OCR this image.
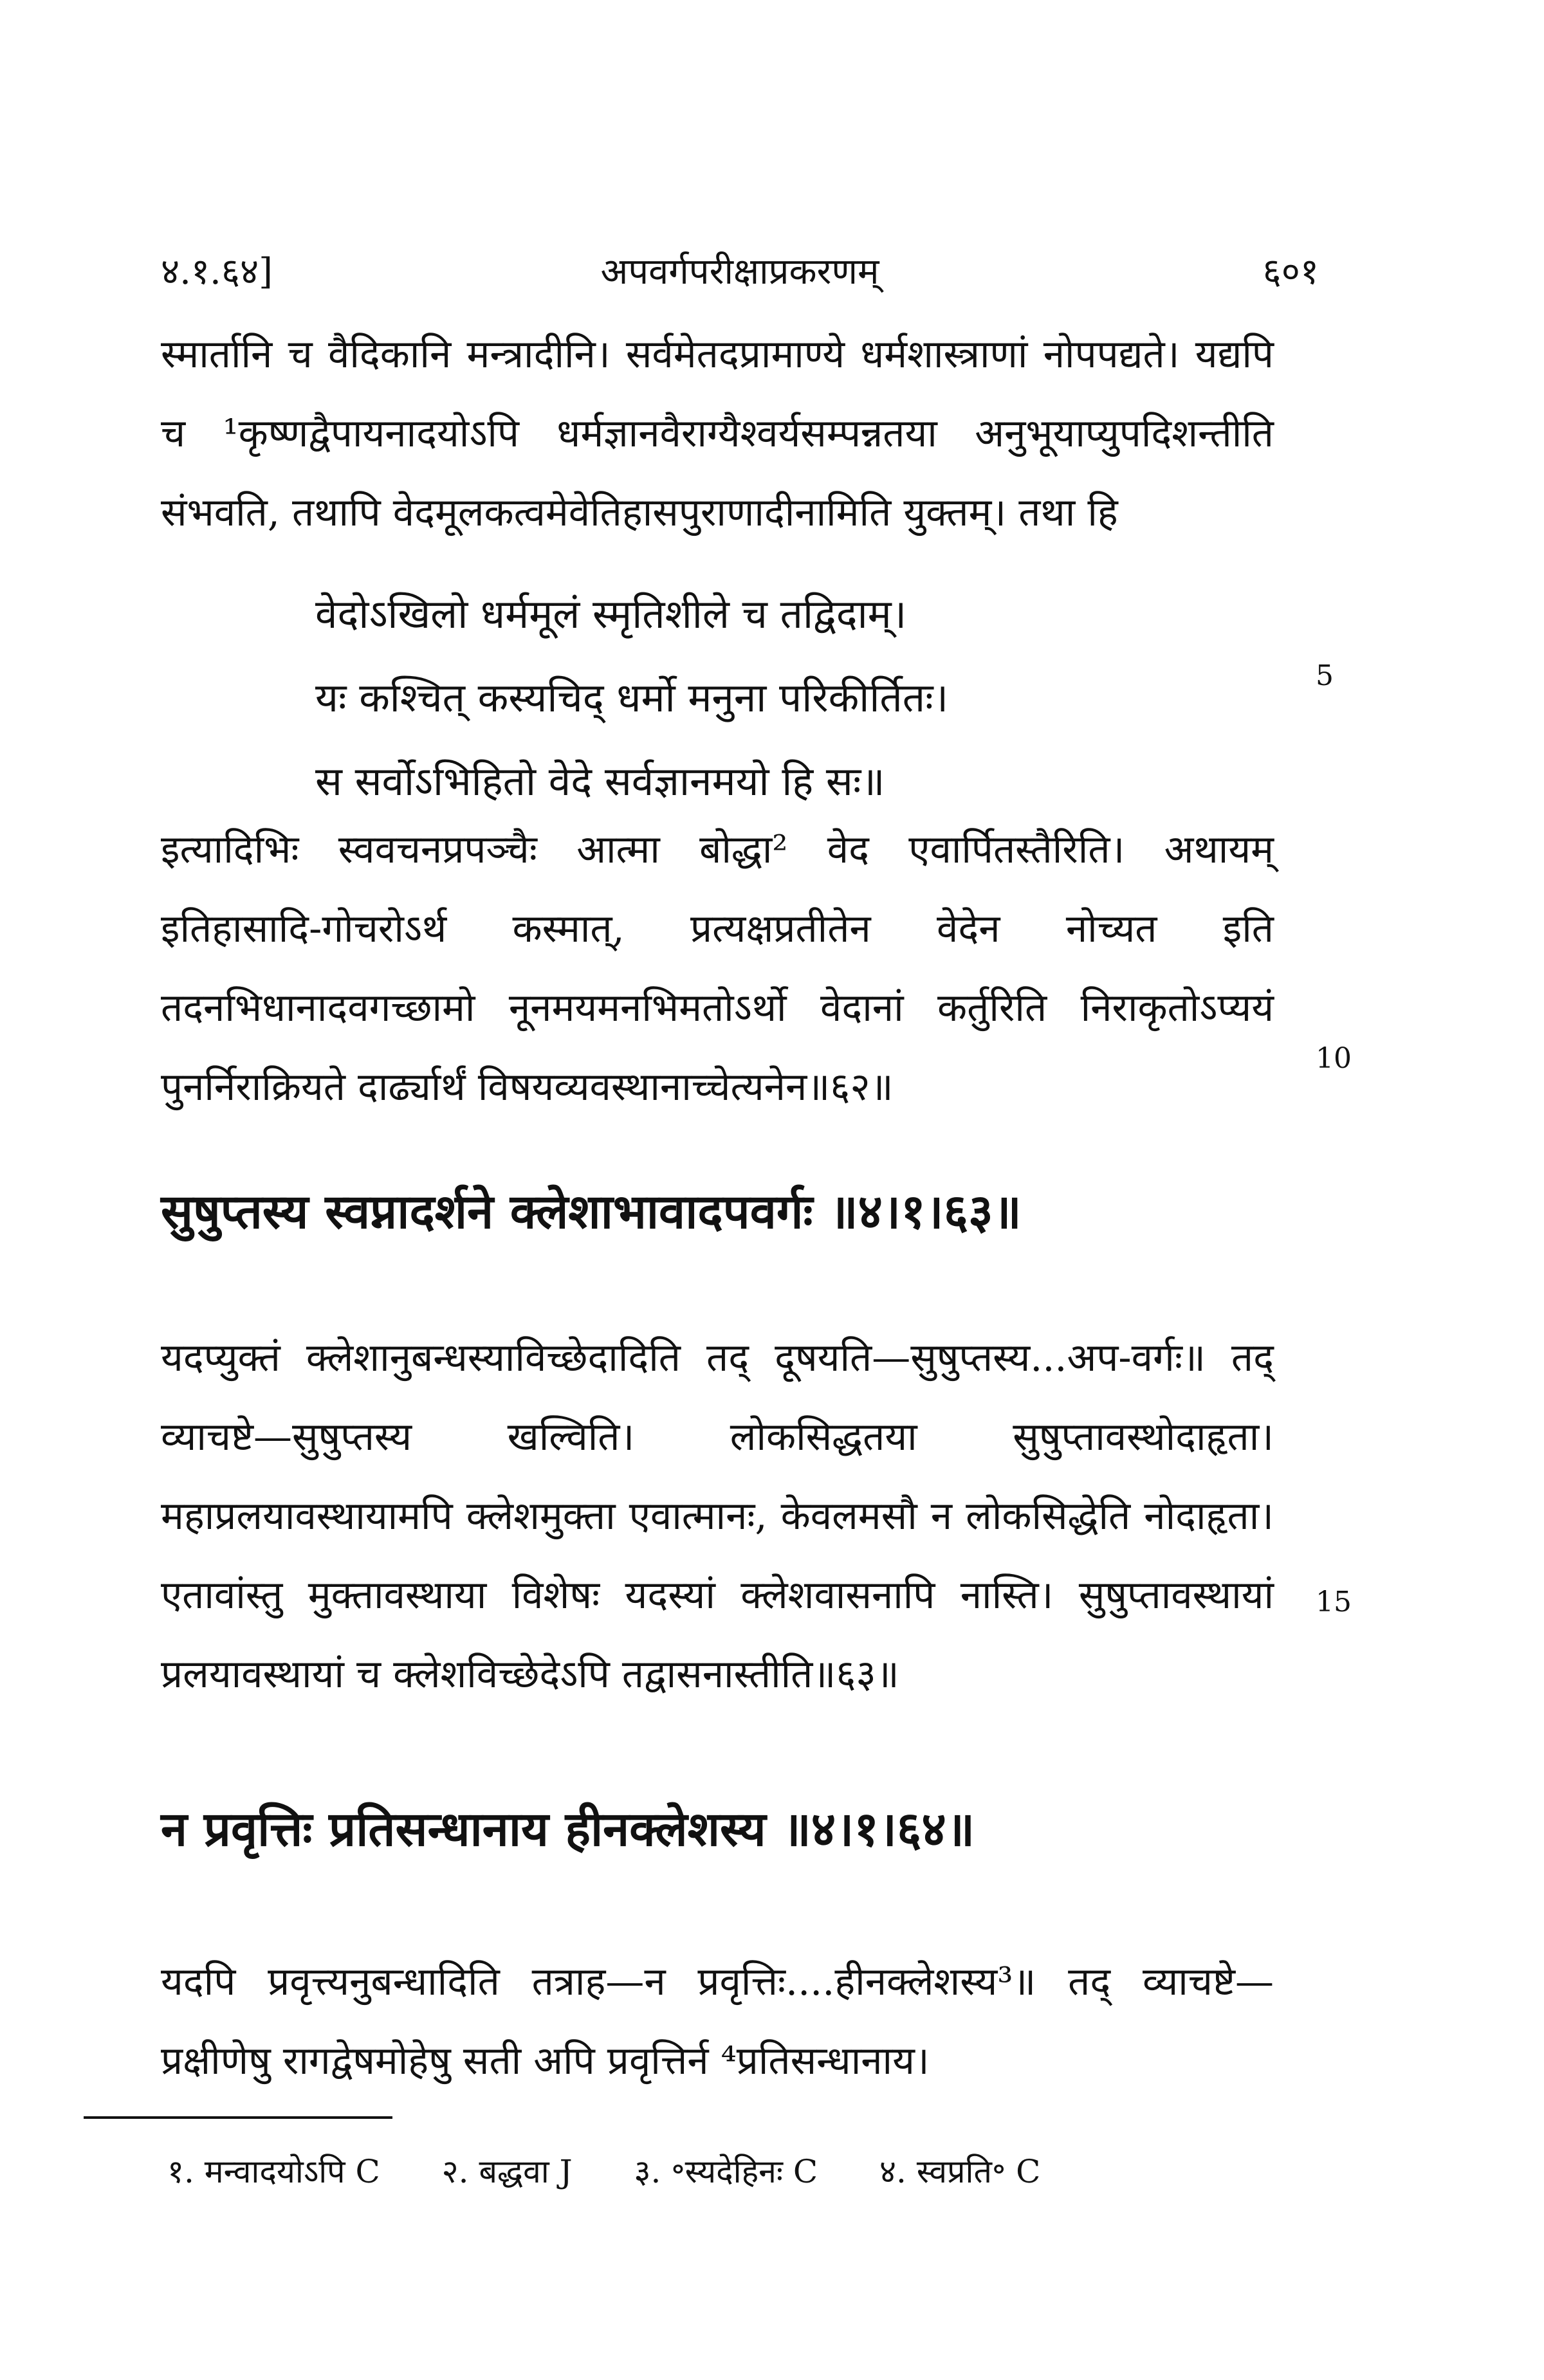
४.१.६४]	अपवर्गपरीक्षाप्रकरणम्	६०१
स्मार्तानि च वैदिकानि मन्त्रादीनि। सर्वमेतदप्रामाण्ये धर्मशास्त्राणां नोपपद्यते। यद्यपि च ¹कृष्णद्वैपायनादयोऽपि धर्मज्ञानवैराग्यैश्वर्यसम्पन्नतया अनुभूयाप्युपदिशन्तीति संभवति, तथापि वेदमूलकत्वमेवेतिहासपुराणादीनामिति युक्तम्। तथा हि
वेदोऽखिलो धर्ममूलं स्मृतिशीले च तद्विदाम्।
यः कश्चित् कस्यचिद् धर्मो मनुना परिकीर्तितः।
स सर्वोऽभिहितो वेदे सर्वज्ञानमयो हि सः॥
इत्यादिभिः स्ववचनप्रपञ्चैः आत्मा बोद्धा² वेद एवार्पितस्तैरिति। अथायम् इतिहासादि-गोचरोऽर्थ कस्मात्, प्रत्यक्षप्रतीतेन वेदेन नोच्यत इति तदनभिधानादवगच्छामो नूनमयमनभिमतोऽर्थो वेदानां कर्तुरिति निराकृतोऽप्ययं पुनर्निराक्रियते दार्ढ्यार्थं विषयव्यवस्थानाच्चेत्यनेन॥६२॥
सुषुप्तस्य स्वप्नादर्शने क्लेशाभावादपवर्गः ॥४।१।६३॥
यदप्युक्तं क्लेशानुबन्धस्याविच्छेदादिति तद् दूषयति—सुषुप्तस्य...अप-वर्गः॥ तद् व्याचष्टे—सुषुप्तस्य खल्विति। लोकसिद्धतया सुषुप्तावस्थोदाहृता। महाप्रलयावस्थायामपि क्लेशमुक्ता एवात्मानः, केवलमसौ न लोकसिद्धेति नोदाहृता। एतावांस्तु मुक्तावस्थाया विशेषः यदस्यां क्लेशवासनापि नास्ति। सुषुप्तावस्थायां प्रलयावस्थायां च क्लेशविच्छेदेऽपि तद्वासनास्तीति॥६३॥
न प्रवृत्तिः प्रतिसन्धानाय हीनक्लेशस्य ॥४।१।६४॥
यदपि प्रवृत्त्यनुबन्धादिति तत्राह—न प्रवृत्तिः....हीनक्लेशस्य³॥ तद् व्याचष्टे—प्रक्षीणेषु रागद्वेषमोहेषु सती अपि प्रवृत्तिर्न ⁴प्रतिसन्धानाय।
5
10
15
१. मन्वादयोऽपि C २. बद्धवा J ३. ॰स्यदेहिनः C ४. स्वप्रति॰ C
